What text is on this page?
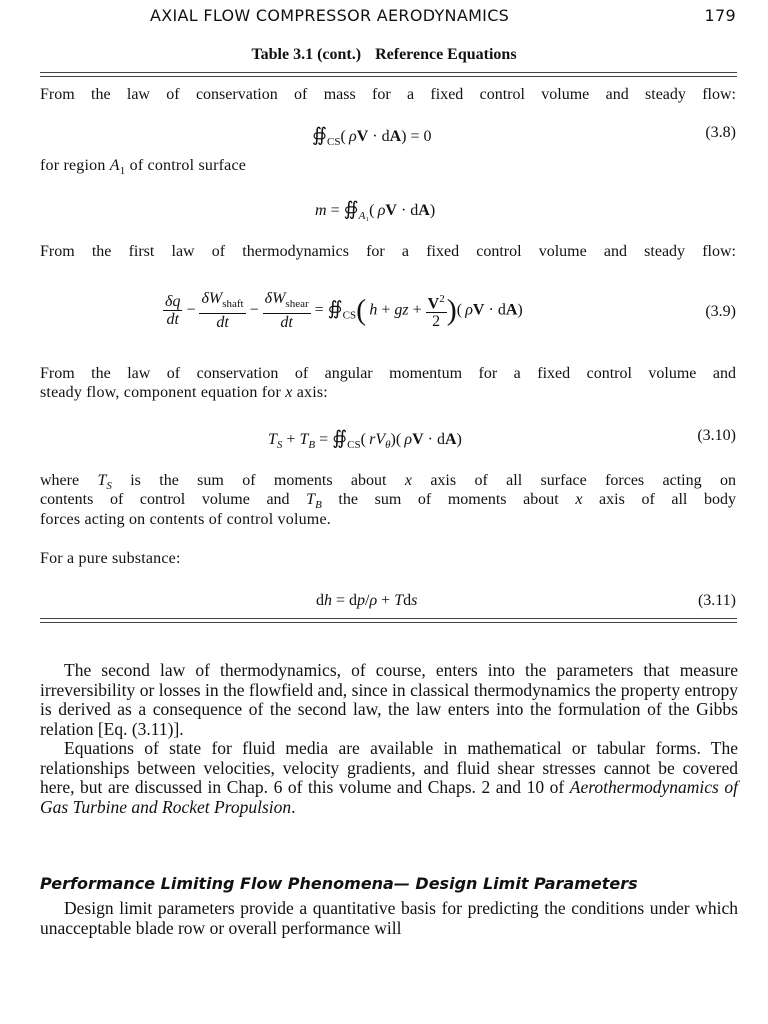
AXIAL FLOW COMPRESSOR AERODYNAMICS	179
Table 3.1 (cont.) Reference Equations
From the law of conservation of mass for a fixed control volume and steady flow:
$∯_{CS}$( ρV · dA) = 0	(3.8)
for region $A_1$ of control surface
$m = ∯_{A_1}$( ρV · dA)
From the first law of thermodynamics for a fixed control volume and steady flow:
$\frac{\delta q}{dt} - \frac{\delta W_{shaft}}{dt} - \frac{\delta W_{shear}}{dt}$ = $∯_{CS}$(  h + gz + $\frac{V^2}{2}$ )( ρV · dA)	(3.9)
From the law of conservation of angular momentum for a fixed control volume and
steady flow, component equation for x axis:
$T_S + T_B$ = $∯_{CS}$( $rV_\theta$)( ρV · dA)	(3.10)
where $T_S$ is the sum of moments about x axis of all surface forces acting on
contents of control volume and $T_B$ the sum of moments about x axis of all body
forces acting on contents of control volume.
For a pure substance:
dh = dp/ρ + Tds	(3.11)

The second law of thermodynamics, of course, enters into the parameters that measure irreversibility or losses in the flowfield and, since in classical thermodynamics the property entropy is derived as a consequence of the second law, the law enters into the formulation of the Gibbs relation [Eq. (3.11)].

Equations of state for fluid media are available in mathematical or tabular forms. The relationships between velocities, velocity gradients, and fluid shear stresses cannot be covered here, but are discussed in Chap. 6 of this volume and Chaps. 2 and 10 of Aerothermodynamics of Gas Turbine and Rocket Propulsion.

Performance Limiting Flow Phenomena— Design Limit Parameters

Design limit parameters provide a quantitative basis for predicting the conditions under which unacceptable blade row or overall performance will
